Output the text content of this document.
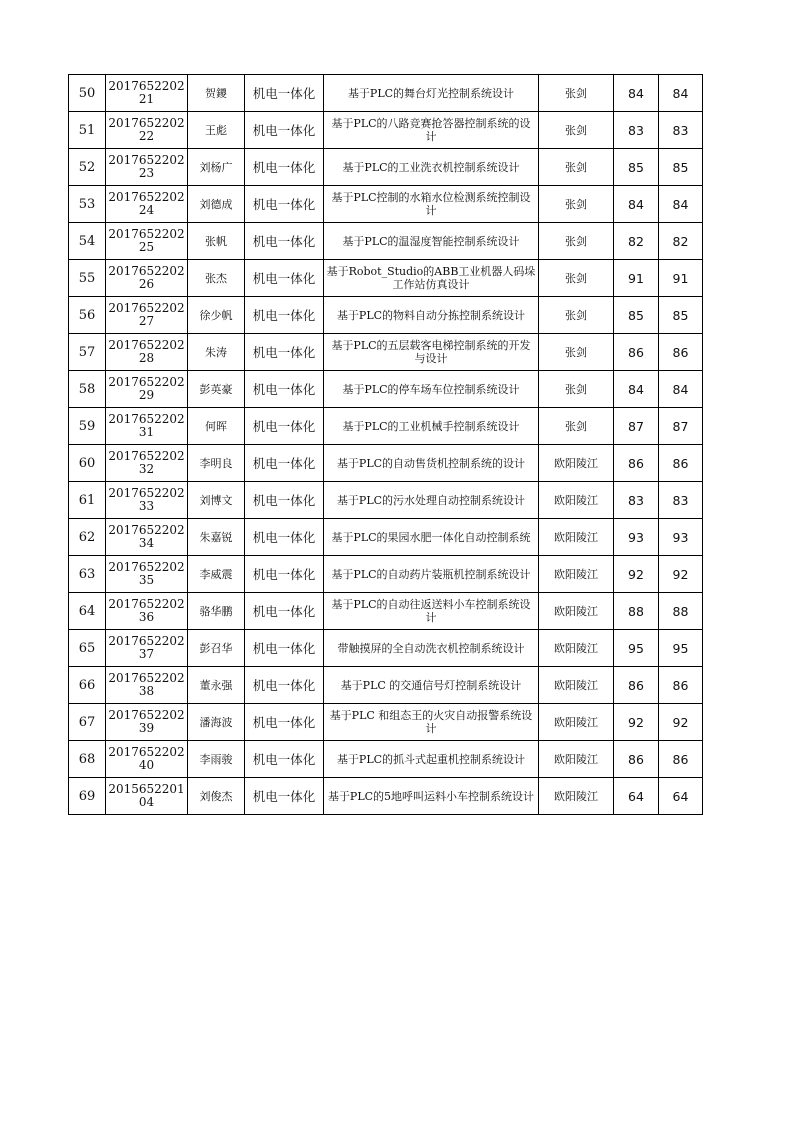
50	201765220221	贺鑁	机电一体化	基于PLC的舞台灯光控制系统设计	张剑	84	84
51	201765220222	王彪	机电一体化	基于PLC的八路竞赛抢答器控制系统的设计	张剑	83	83
52	201765220223	刘杨广	机电一体化	基于PLC的工业洗衣机控制系统设计	张剑	85	85
53	201765220224	刘德成	机电一体化	基于PLC控制的水箱水位检测系统控制设计	张剑	84	84
54	201765220225	张帆	机电一体化	基于PLC的温湿度智能控制系统设计	张剑	82	82
55	201765220226	张杰	机电一体化	基于Robot_Studio的ABB工业机器人码垛工作站仿真设计	张剑	91	91
56	201765220227	徐少帆	机电一体化	基于PLC的物料自动分拣控制系统设计	张剑	85	85
57	201765220228	朱涛	机电一体化	基于PLC的五层载客电梯控制系统的开发与设计	张剑	86	86
58	201765220229	彭英豪	机电一体化	基于PLC的停车场车位控制系统设计	张剑	84	84
59	201765220231	何晖	机电一体化	基于PLC的工业机械手控制系统设计	张剑	87	87
60	201765220232	李明良	机电一体化	基于PLC的自动售货机控制系统的设计	欧阳陵江	86	86
61	201765220233	刘博文	机电一体化	基于PLC的污水处理自动控制系统设计	欧阳陵江	83	83
62	201765220234	朱嘉锐	机电一体化	基于PLC的果园水肥一体化自动控制系统	欧阳陵江	93	93
63	201765220235	李威震	机电一体化	基于PLC的自动药片装瓶机控制系统设计	欧阳陵江	92	92
64	201765220236	骆华鹏	机电一体化	基于PLC的自动往返送料小车控制系统设计	欧阳陵江	88	88
65	201765220237	彭召华	机电一体化	带触摸屏的全自动洗衣机控制系统设计	欧阳陵江	95	95
66	201765220238	董永强	机电一体化	基于PLC 的交通信号灯控制系统设计	欧阳陵江	86	86
67	201765220239	潘海波	机电一体化	基于PLC 和组态王的火灾自动报警系统设计	欧阳陵江	92	92
68	201765220240	李雨骏	机电一体化	基于PLC的抓斗式起重机控制系统设计	欧阳陵江	86	86
69	201565220104	刘俊杰	机电一体化	基于PLC的5地呼叫运料小车控制系统设计	欧阳陵江	64	64
